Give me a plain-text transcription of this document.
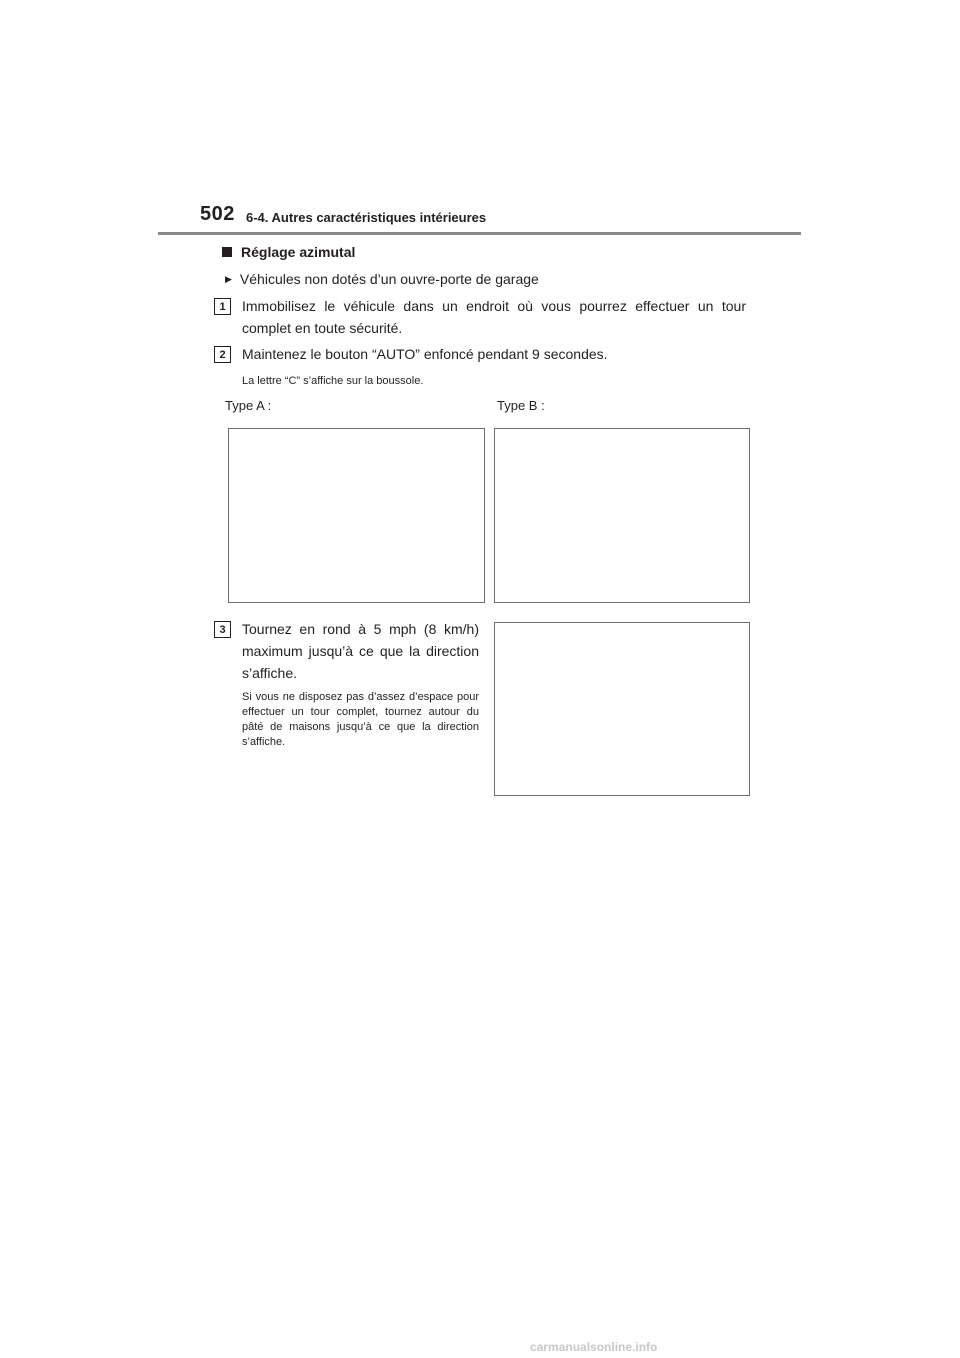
502 6-4. Autres caractéristiques intérieures
Réglage azimutal
▶ Véhicules non dotés d’un ouvre-porte de garage
1	Immobilisez le véhicule dans un endroit où vous pourrez effectuer un tour complet en toute sécurité.
2	Maintenez le bouton “AUTO” enfoncé pendant 9 secondes.
La lettre “C” s’affiche sur la boussole.
Type A :	Type B :
3	Tournez en rond à 5 mph (8 km/h) maximum jusqu’à ce que la direction s’affiche.
Si vous ne disposez pas d’assez d’espace pour effectuer un tour complet, tournez autour du pâté de maisons jusqu’à ce que la direction s’affiche.
carmanualsonline.info
